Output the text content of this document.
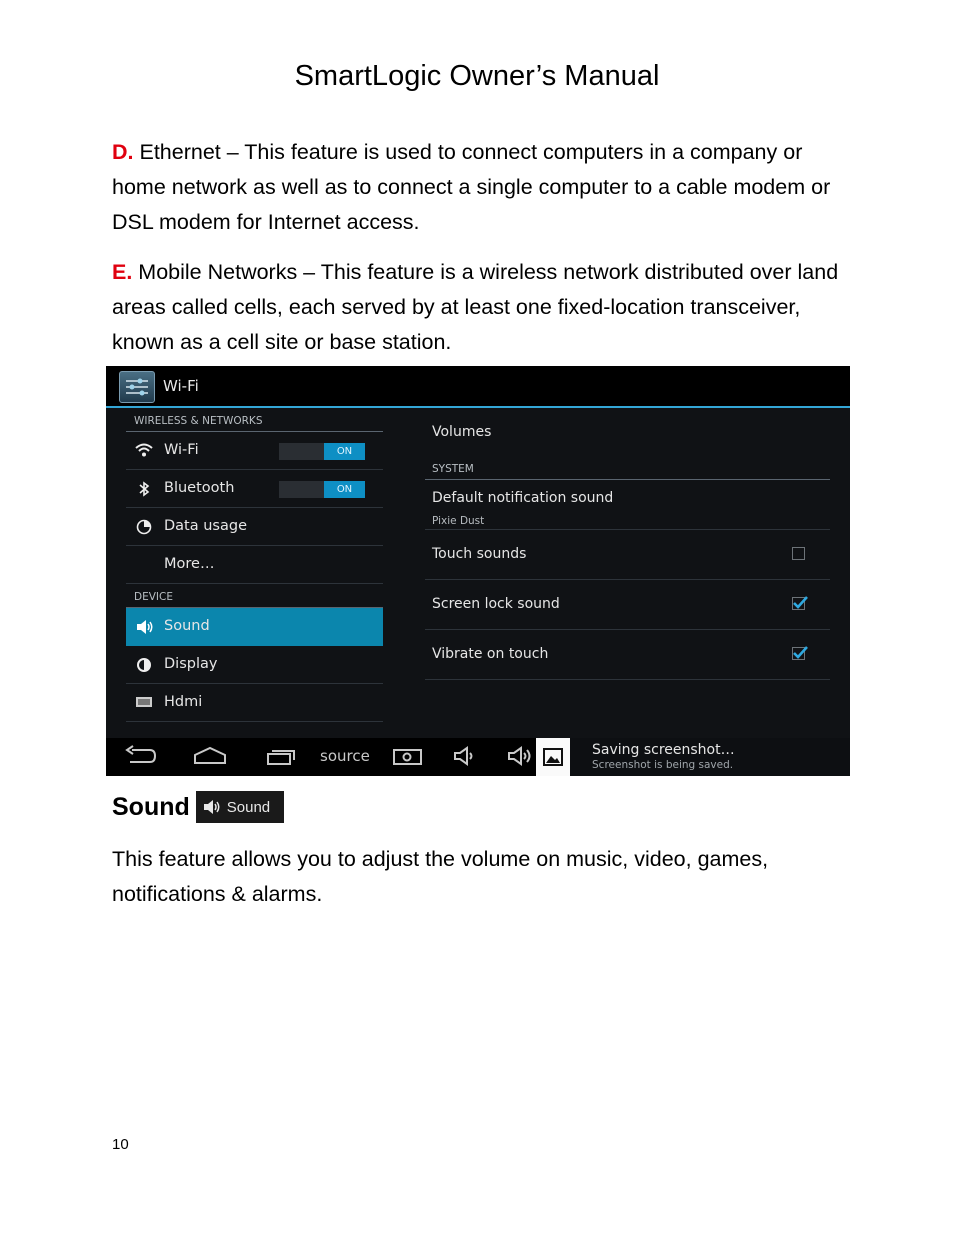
SmartLogic Owner’s Manual

D. Ethernet – This feature is used to connect computers in a company or home network as well as to connect a single computer to a cable modem or DSL modem for Internet access.

E. Mobile Networks – This feature is a wireless network distributed over land areas called cells, each served by at least one fixed-location transceiver, known as a cell site or base station.

Wi-Fi
WIRELESS & NETWORKS
Wi-Fi	ON
Bluetooth	ON
Data usage
More…
DEVICE
Sound
Display
Hdmi
Volumes
SYSTEM
Default notification sound
Pixie Dust
Touch sounds
Screen lock sound
Vibrate on touch
source	Saving screenshot…
Screenshot is being saved.
Sound Sound

This feature allows you to adjust the volume on music, video, games, notifications & alarms.

10
